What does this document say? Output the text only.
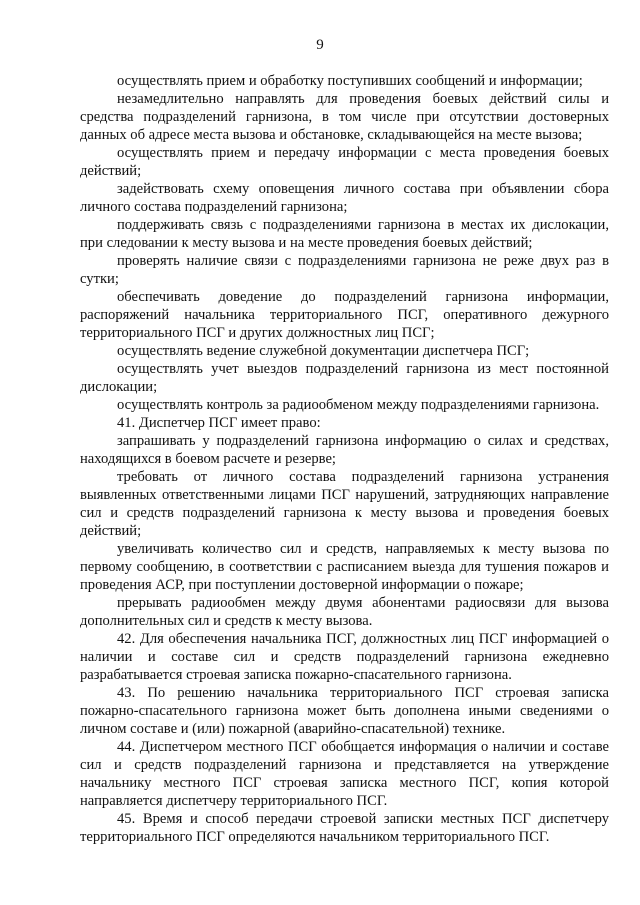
9

осуществлять прием и обработку поступивших сообщений и информации;

незамедлительно направлять для проведения боевых действий силы и средства подразделений гарнизона, в том числе при отсутствии достоверных данных об адресе места вызова и обстановке, складывающейся на месте вызова;

осуществлять прием и передачу информации с места проведения боевых действий;

задействовать схему оповещения личного состава при объявлении сбора личного состава подразделений гарнизона;

поддерживать связь с подразделениями гарнизона в местах их дислокации, при следовании к месту вызова и на месте проведения боевых действий;

проверять наличие связи с подразделениями гарнизона не реже двух раз в сутки;

обеспечивать доведение до подразделений гарнизона информации, распоряжений начальника территориального ПСГ, оперативного дежурного территориального ПСГ и других должностных лиц ПСГ;

осуществлять ведение служебной документации диспетчера ПСГ;

осуществлять учет выездов подразделений гарнизона из мест постоянной дислокации;

осуществлять контроль за радиообменом между подразделениями гарнизона.

41. Диспетчер ПСГ имеет право:

запрашивать у подразделений гарнизона информацию о силах и средствах, находящихся в боевом расчете и резерве;

требовать от личного состава подразделений гарнизона устранения выявленных ответственными лицами ПСГ нарушений, затрудняющих направление сил и средств подразделений гарнизона к месту вызова и проведения боевых действий;

увеличивать количество сил и средств, направляемых к месту вызова по первому сообщению, в соответствии с расписанием выезда для тушения пожаров и проведения АСР, при поступлении достоверной информации о пожаре;

прерывать радиообмен между двумя абонентами радиосвязи для вызова дополнительных сил и средств к месту вызова.

42. Для обеспечения начальника ПСГ, должностных лиц ПСГ информацией о наличии и составе сил и средств подразделений гарнизона ежедневно разрабатывается строевая записка пожарно-спасательного гарнизона.

43. По решению начальника территориального ПСГ строевая записка пожарно-спасательного гарнизона может быть дополнена иными сведениями о личном составе и (или) пожарной (аварийно-спасательной) технике.

44. Диспетчером местного ПСГ обобщается информация о наличии и составе сил и средств подразделений гарнизона и представляется на утверждение начальнику местного ПСГ строевая записка местного ПСГ, копия которой направляется диспетчеру территориального ПСГ.

45. Время и способ передачи строевой записки местных ПСГ диспетчеру территориального ПСГ определяются начальником территориального ПСГ.
